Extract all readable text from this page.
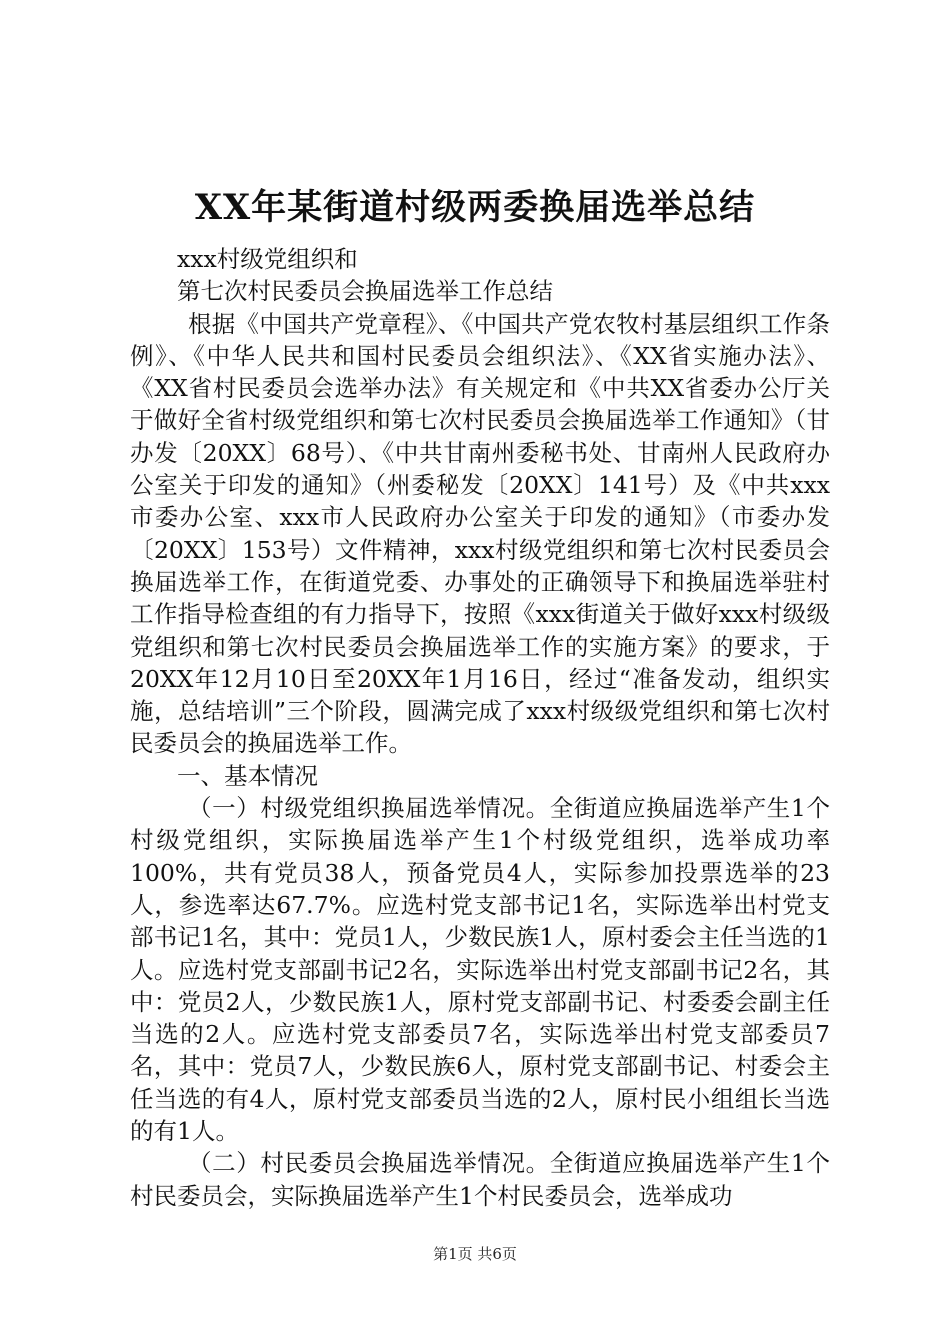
XX年某街道村级两委换届选举总结

xxx村级党组织和

第七次村民委员会换届选举工作总结

根据《中国共产党章程》、《中国共产党农牧村基层组织工作条例》、《中华人民共和国村民委员会组织法》、《XX省实施办法》、《XX省村民委员会选举办法》有关规定和《中共XX省委办公厅关于做好全省村级党组织和第七次村民委员会换届选举工作通知》（甘办发〔20XX〕68号）、《中共甘南州委秘书处、甘南州人民政府办公室关于印发的通知》（州委秘发〔20XX〕141号）及《中共xxx市委办公室、xxx市人民政府办公室关于印发的通知》（市委办发〔20XX〕153号）文件精神，xxx村级党组织和第七次村民委员会换届选举工作，在街道党委、办事处的正确领导下和换届选举驻村工作指导检查组的有力指导下，按照《xxx街道关于做好xxx村级级党组织和第七次村民委员会换届选举工作的实施方案》的要求，于20XX年12月10日至20XX年1月16日，经过“准备发动，组织实施，总结培训”三个阶段，圆满完成了xxx村级级党组织和第七次村民委员会的换届选举工作。

一、基本情况

（一）村级党组织换届选举情况。全街道应换届选举产生1个村级党组织，实际换届选举产生1个村级党组织，选举成功率100%，共有党员38人，预备党员4人，实际参加投票选举的23人，参选率达67.7%。应选村党支部书记1名，实际选举出村党支部书记1名，其中：党员1人，少数民族1人，原村委会主任当选的1人。应选村党支部副书记2名，实际选举出村党支部副书记2名，其中：党员2人，少数民族1人，原村党支部副书记、村委委会副主任当选的2人。应选村党支部委员7名，实际选举出村党支部委员7名，其中：党员7人，少数民族6人，原村党支部副书记、村委会主任当选的有4人，原村党支部委员当选的2人，原村民小组组长当选的有1人。

（二）村民委员会换届选举情况。全街道应换届选举产生1个村民委员会，实际换届选举产生1个村民委员会，选举成功

第1页 共6页
